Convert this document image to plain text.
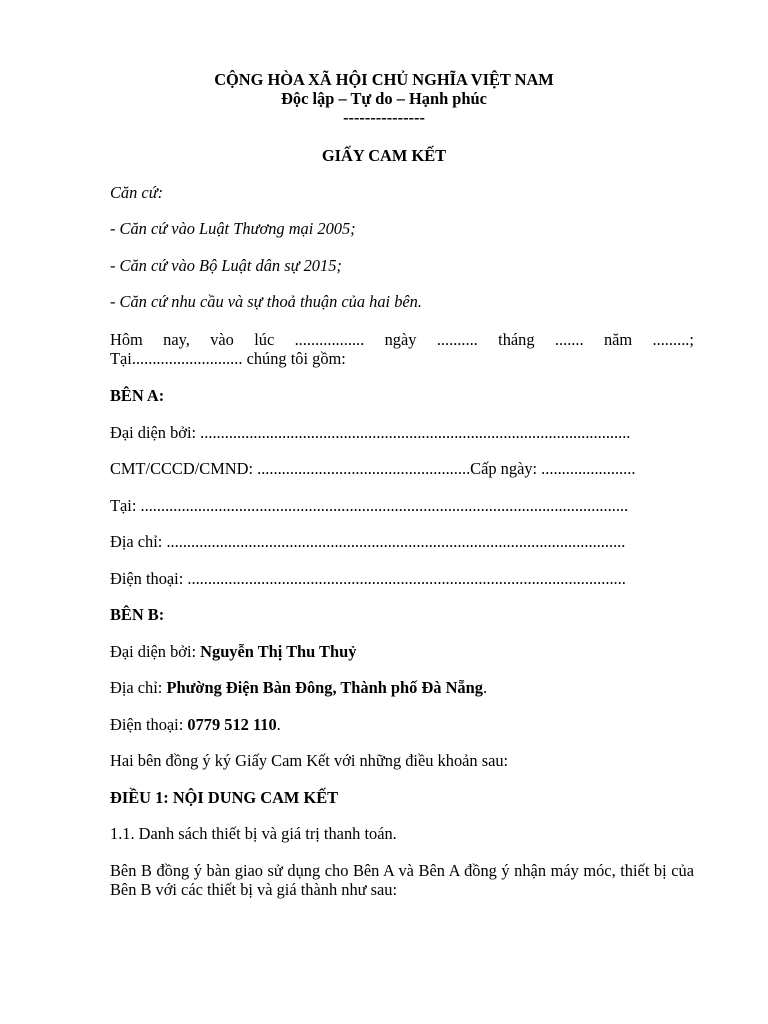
CỘNG HÒA XÃ HỘI CHỦ NGHĨA VIỆT NAM
Độc lập – Tự do – Hạnh phúc
---------------
GIẤY CAM KẾT
Căn cứ:
- Căn cứ vào Luật Thương mại 2005;
- Căn cứ vào Bộ Luật dân sự 2015;
- Căn cứ nhu cầu và sự thoả thuận của hai bên.
Hôm nay, vào lúc ................. ngày .......... tháng ....... năm .........;
Tại........................... chúng tôi gồm:
BÊN A:
Đại diện bởi: .........................................................................................................
CMT/CCCD/CMND: ....................................................Cấp ngày: .......................
Tại: .......................................................................................................................
Địa chỉ: ................................................................................................................
Điện thoại: ...........................................................................................................
BÊN B:
Đại diện bởi: Nguyễn Thị Thu Thuỷ
Địa chỉ: Phường Điện Bàn Đông, Thành phố Đà Nẵng.
Điện thoại: 0779 512 110.
Hai bên đồng ý ký Giấy Cam Kết với những điều khoản sau:
ĐIỀU 1: NỘI DUNG CAM KẾT
1.1. Danh sách thiết bị và giá trị thanh toán.
Bên B đồng ý bàn giao sử dụng cho Bên A và Bên A đồng ý nhận máy móc, thiết bị của Bên B với các thiết bị và giá thành như sau:
